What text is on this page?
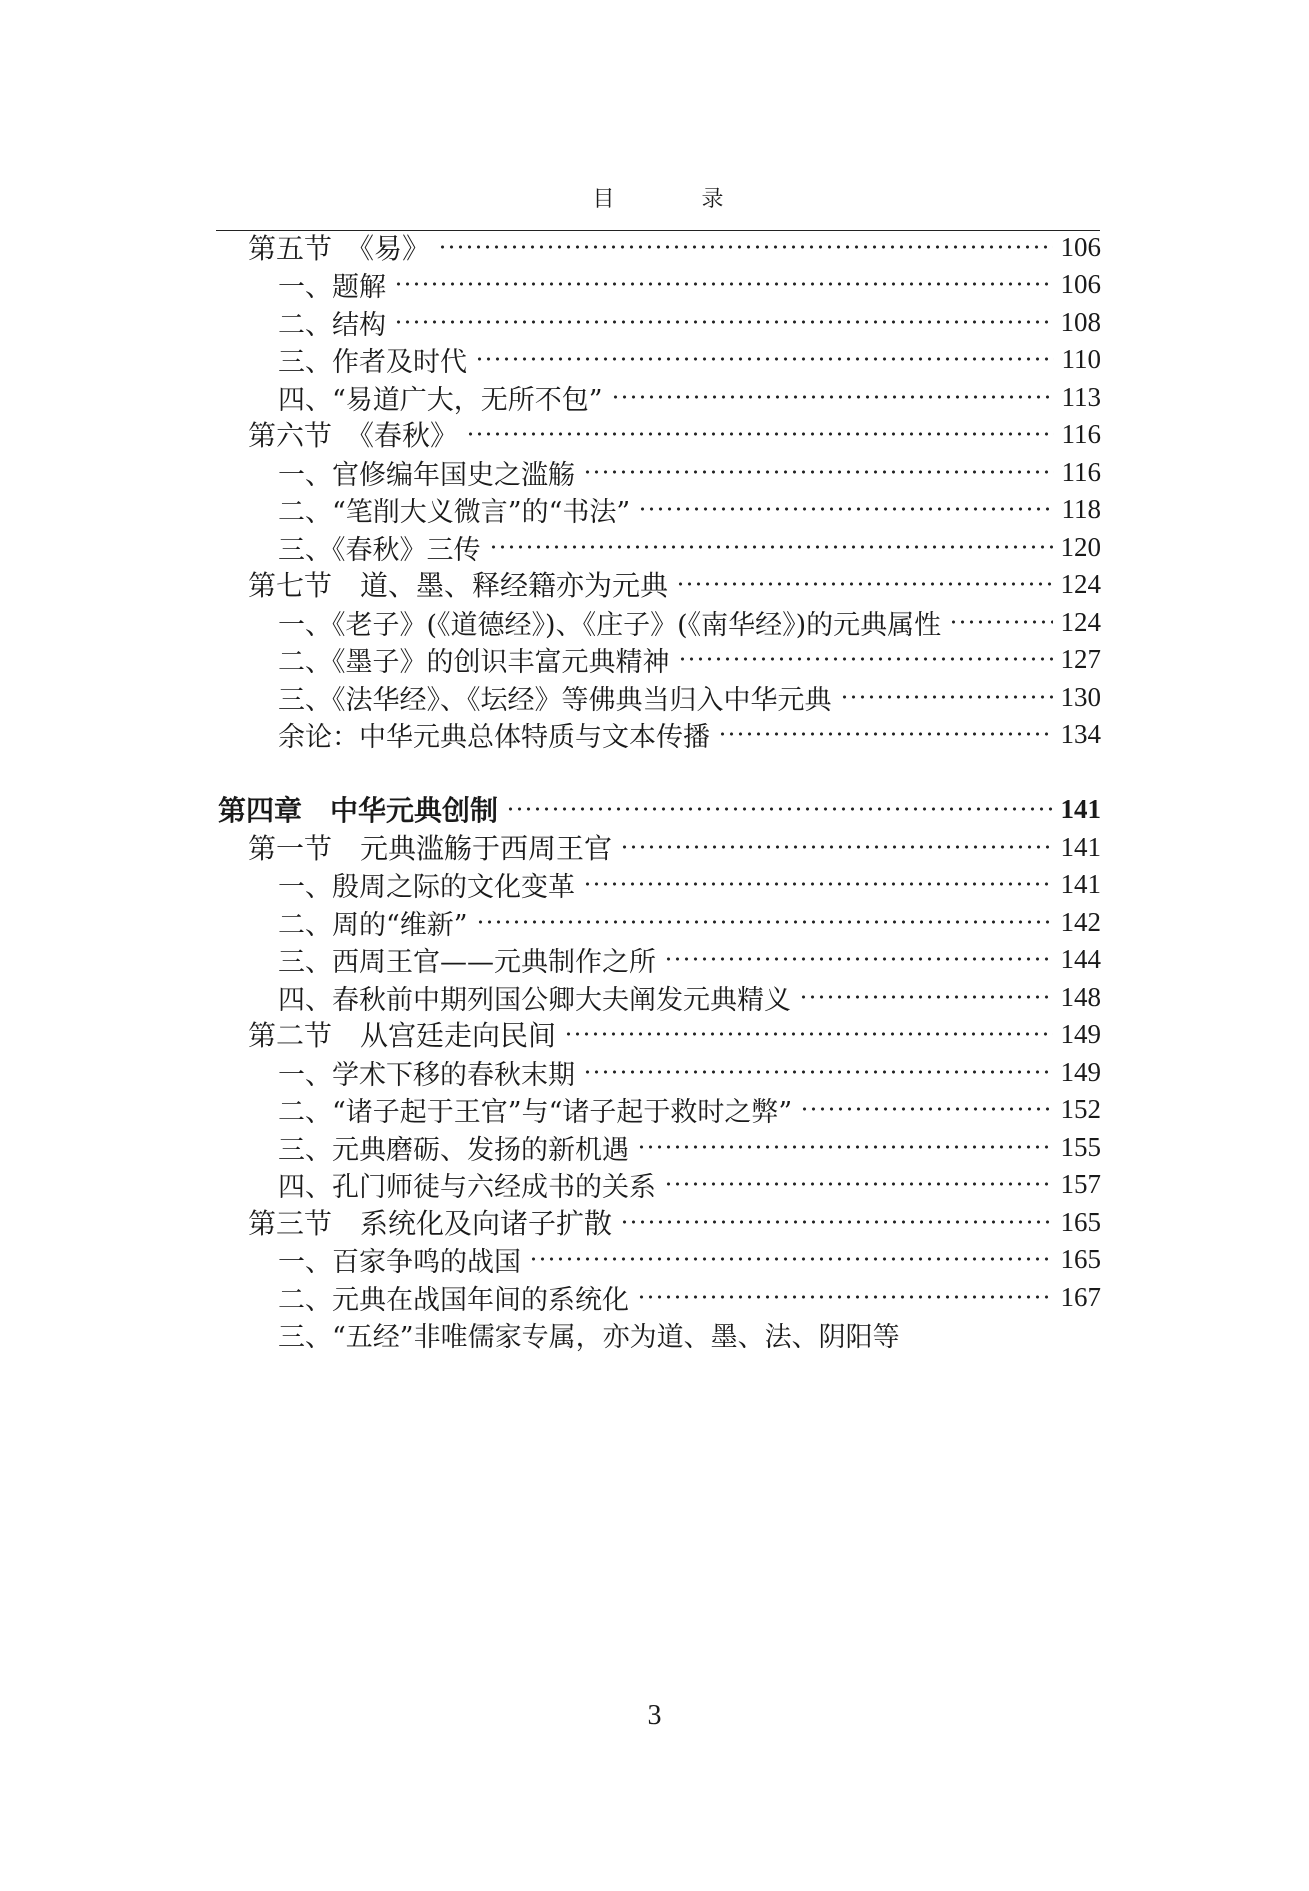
目 录
第五节　《易》	106
一、题解	106
二、结构	108
三、作者及时代	110
四、“易道广大，无所不包”	113
第六节　《春秋》	116
一、官修编年国史之滥觞	116
二、“笔削大义微言”的“书法”	118
三、《春秋》三传	120
第七节　道、墨、释经籍亦为元典	124
一、《老子》(《道德经》)、《庄子》(《南华经》)的元典属性	124
二、《墨子》的创识丰富元典精神	127
三、《法华经》、《坛经》等佛典当归入中华元典	130
余论：中华元典总体特质与文本传播	134
第四章　中华元典创制	141
第一节　元典滥觞于西周王官	141
一、殷周之际的文化变革	141
二、周的“维新”	142
三、西周王官——元典制作之所	144
四、春秋前中期列国公卿大夫阐发元典精义	148
第二节　从宫廷走向民间	149
一、学术下移的春秋末期	149
二、“诸子起于王官”与“诸子起于救时之弊”	152
三、元典磨砺、发扬的新机遇	155
四、孔门师徒与六经成书的关系	157
第三节　系统化及向诸子扩散	165
一、百家争鸣的战国	165
二、元典在战国年间的系统化	167
三、“五经”非唯儒家专属，亦为道、墨、法、阴阳等
3
